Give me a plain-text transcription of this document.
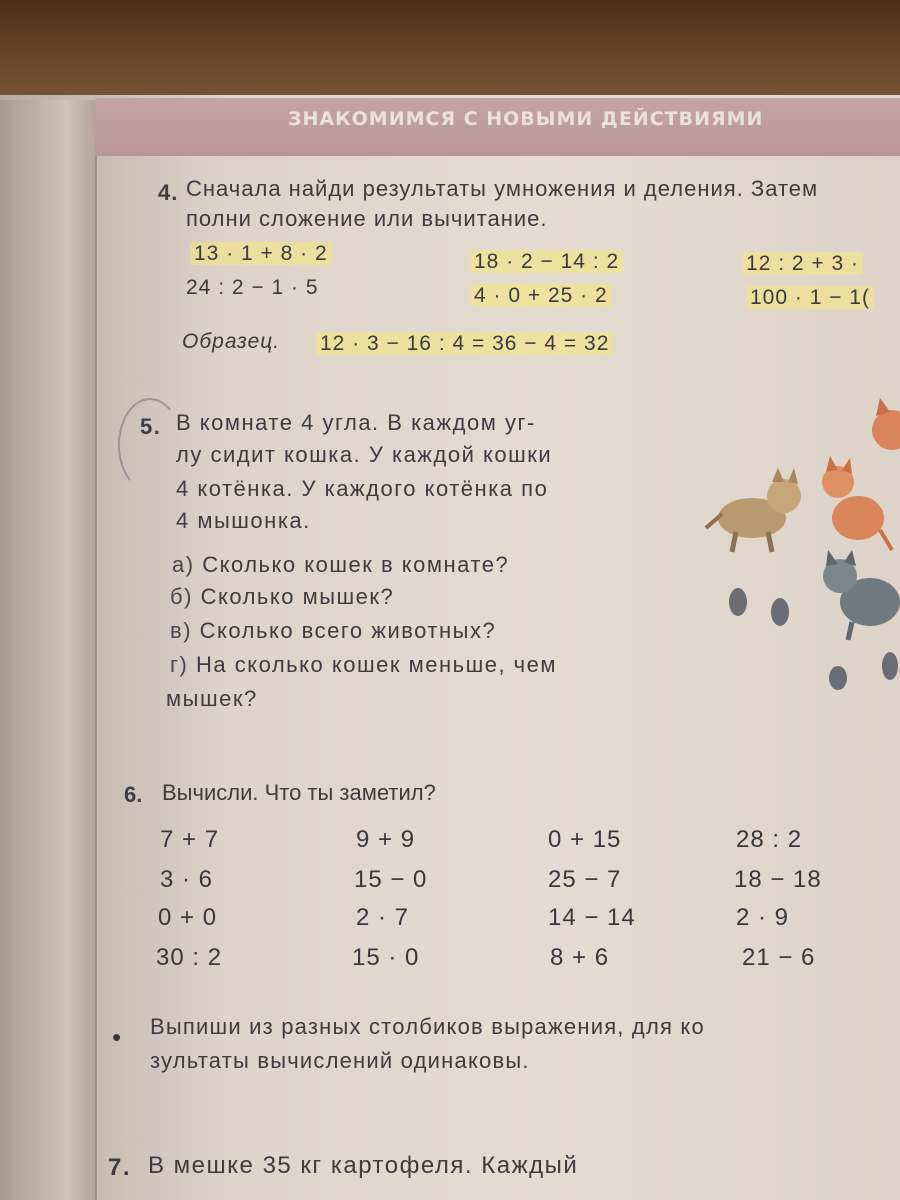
ЗНАКОМИМСЯ С НОВЫМИ ДЕЙСТВИЯМИ
4. Сначала найди результаты умножения и деления. Затем
полни сложение или вычитание.
13 · 1 + 8 · 2
24 : 2 − 1 · 5
18 · 2 − 14 : 2
4 · 0 + 25 · 2
12 : 2 + 3 ·
100 · 1 − 1(
Образец. 12 · 3 − 16 : 4 = 36 − 4 = 32
5. В комнате 4 угла. В каждом уг-
лу сидит кошка. У каждой кошки
4 котёнка. У каждого котёнка по
4 мышонка.
а) Сколько кошек в комнате?
б) Сколько мышек?
в) Сколько всего животных?
г) На сколько кошек меньше, чем
мышек?
6. Вычисли. Что ты заметил?
7 + 7
3 · 6
0 + 0
30 : 2
9 + 9
15 − 0
2 · 7
15 · 0
0 + 15
25 − 7
14 − 14
8 + 6
28 : 2
18 − 18
2 · 9
21 − 6
• Выпиши из разных столбиков выражения, для ко
зультаты вычислений одинаковы.
7. В мешке 35 кг картофеля. Каждый
